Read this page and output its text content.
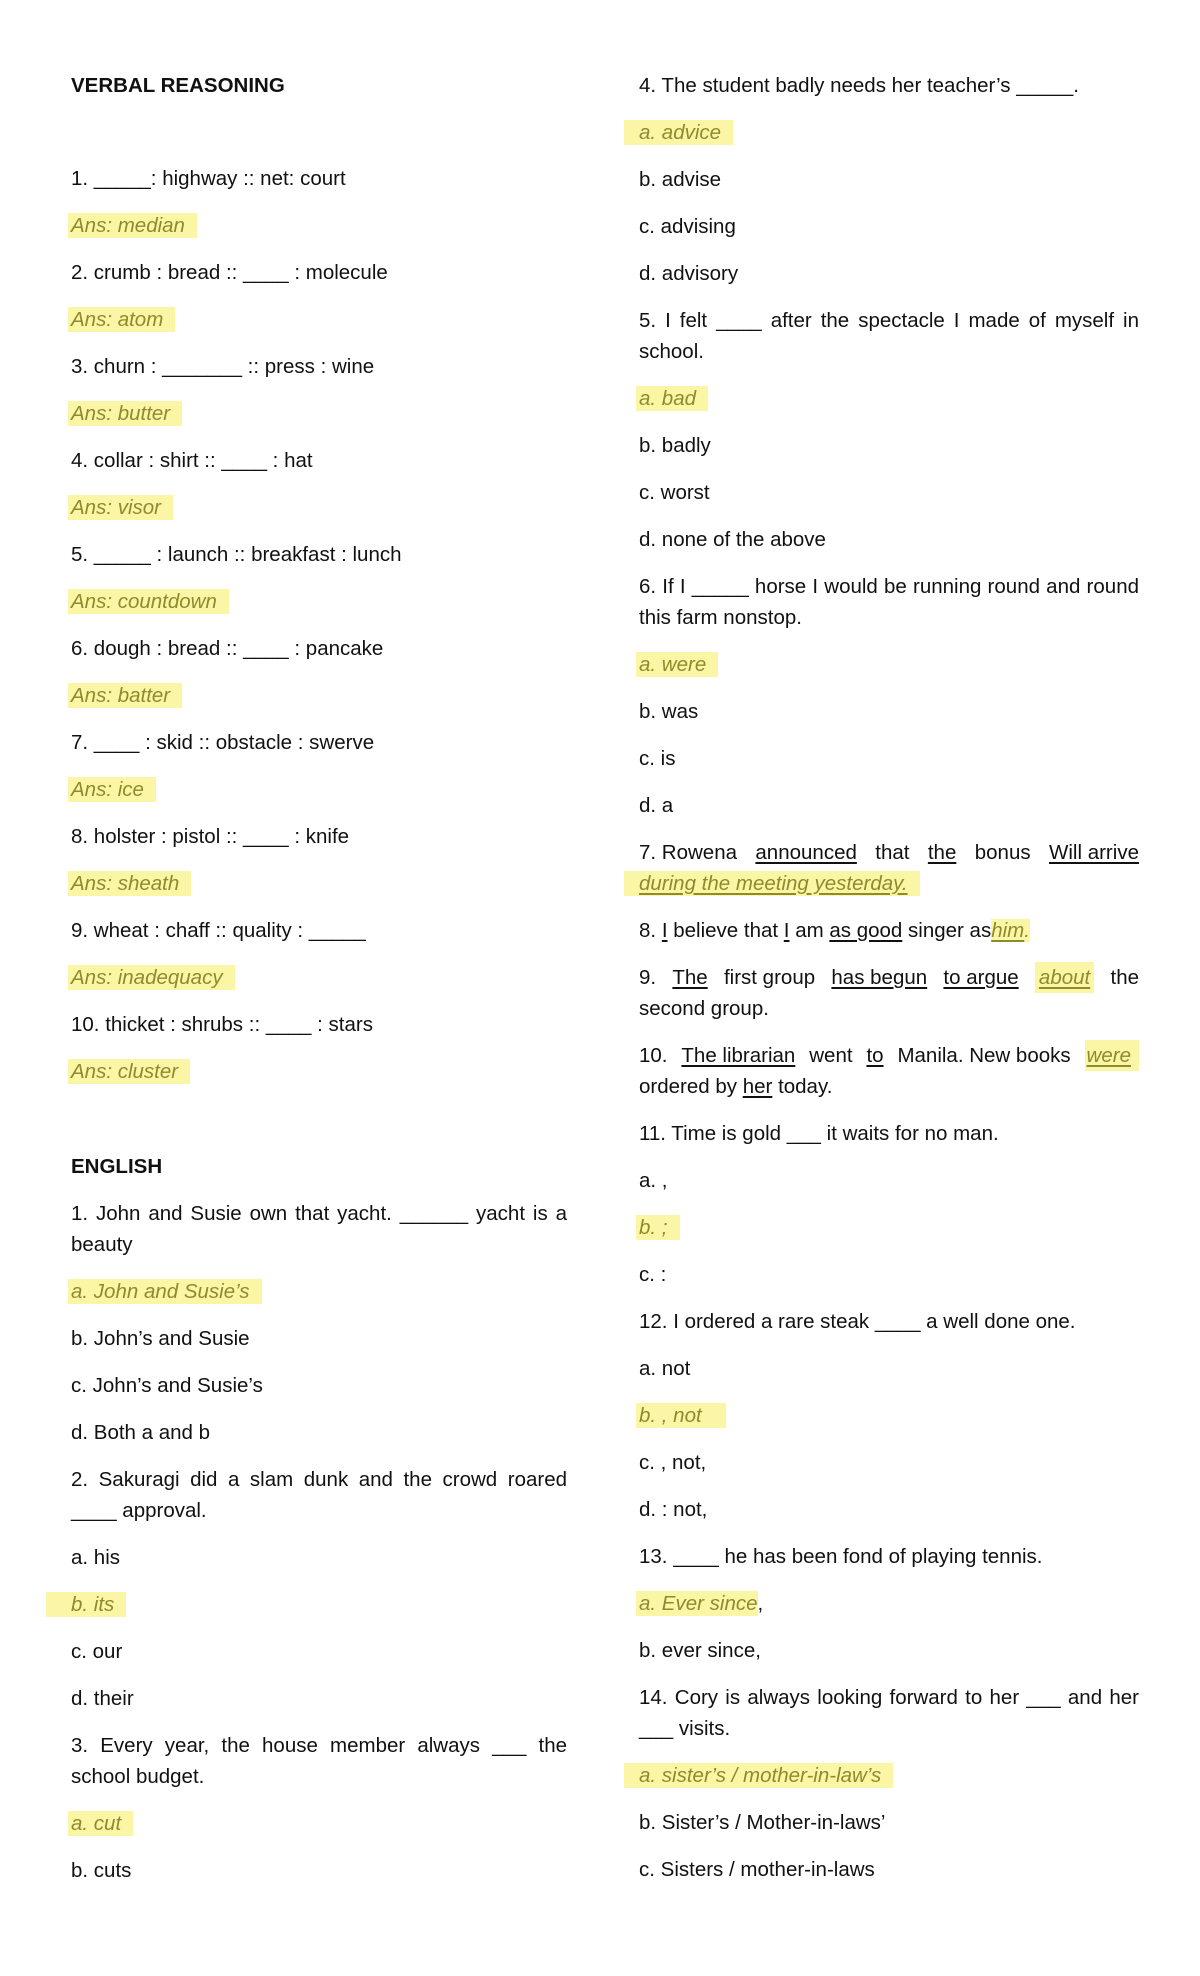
VERBAL REASONING
1. _____: highway :: net: court
Ans: median
2. crumb : bread :: ____ : molecule
Ans: atom
3. churn : _______ :: press : wine
Ans: butter
4. collar : shirt :: ____ : hat
Ans: visor
5. _____ : launch :: breakfast : lunch
Ans: countdown
6. dough : bread :: ____ : pancake
Ans: batter
7. ____ : skid :: obstacle : swerve
Ans: ice
8. holster : pistol :: ____ : knife
Ans: sheath
9. wheat : chaff :: quality : _____
Ans: inadequacy
10. thicket : shrubs :: ____ : stars
Ans: cluster
ENGLISH
1. John and Susie own that yacht. ______ yacht is a beauty
a. John and Susie’s
b. John’s and Susie
c. John’s and Susie’s
d. Both a and b
2. Sakuragi did a slam dunk and the crowd roared ____ approval.
a. his
b. its
c. our
d. their
3. Every year, the house member always ___ the school budget.
a. cut
b. cuts
4. The student badly needs her teacher’s _____.
a. advice
b. advise
c. advising
d. advisory
5. I felt ____ after the spectacle I made of myself in school.
a. bad
b. badly
c. worst
d. none of the above
6. If I _____ horse I would be running round and round this farm nonstop.
a. were
b. was
c. is
d. a
7. Rowena announced that the bonus Will arrive
during the meeting yesterday.
8. I believe that I am as good singer ashim.
9. The first group has begun to argue about the
second group.
10. The librarian went to Manila. New books were
ordered by her today.
11. Time is gold ___ it waits for no man.
a. ,
b. ;
c. :
12. I ordered a rare steak ____ a well done one.
a. not
b. , not
c. , not,
d. : not,
13. ____ he has been fond of playing tennis.
a. Ever since,
b. ever since,
14. Cory is always looking forward to her ___ and her ___ visits.
a. sister’s / mother-in-law’s
b. Sister’s / Mother-in-laws’
c. Sisters / mother-in-laws
